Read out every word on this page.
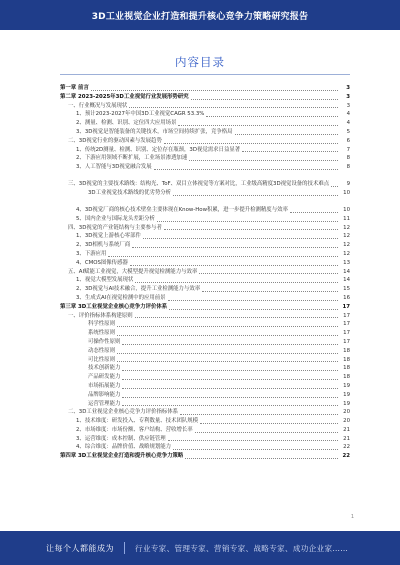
3D工业视觉企业打造和提升核心竞争力策略研究报告
内容目录
第一章 前言	3
第二章 2023-2025年3D工业视觉行业发展形势研究	3
一、行业概况与发展现状	3
1、预计2023-2027年中国3D工业视觉CAGR 53.3%	4
2、测量、检测、识别、定位四大应用场景	4
3、3D视觉是智能装备的关键技术，市场空间持续扩张，竞争格局	5
二、3D视觉行业的驱动因素与发展趋势	6
1、传统2D测量、检测、识别、定位存在瓶颈，3D视觉需求日益显著	7
2、下游应用领域不断扩展，工业场景渗透加速	8
3、人工智能与3D视觉融合发展	8
三、3D视觉的主要技术路线：结构光、ToF、双目立体视觉等方案对比，工业级高精度3D视觉设备的技术难点	9
3D工业视觉技术路线的优劣势分析	10
4、3D视觉厂商的核心技术壁垒主要体现在Know-How积累，进一步提升检测精度与效率	10
5、国内企业与国际龙头差距分析	11
四、3D视觉的产业链结构与主要参与者	12
1、3D视觉上游核心零部件	12
2、3D相机与系统厂商	12
3、下游应用	12
4、CMOS图像传感器	13
五、AI赋能工业视觉，大模型提升视觉检测能力与效率	14
1、视觉大模型发展现状	14
2、3D视觉与AI技术融合，提升工业检测能力与效率	15
3、生成式AI在视觉检测中的应用前景	16
第三章 3D工业视觉企业核心竞争力评价体系	17
一、评价指标体系构建原则	17
科学性原则	17
系统性原则	17
可操作性原则	17
动态性原则	18
可比性原则	18
技术创新能力	18
产品研发能力	18
市场拓展能力	19
品牌影响能力	19
运营管理能力	19
二、3D工业视觉企业核心竞争力评价指标体系	20
1、技术维度：研发投入、专利数量、技术团队规模	20
2、市场维度：市场份额、客户结构、营收增长率	21
3、运营维度：成本控制、供应链管理	21
4、综合维度：品牌价值、战略规划能力	22
第四章 3D工业视觉企业打造和提升核心竞争力策略	22
1
让每个人都能成为	行业专家、管理专家、营销专家、战略专家、成功企业家……
